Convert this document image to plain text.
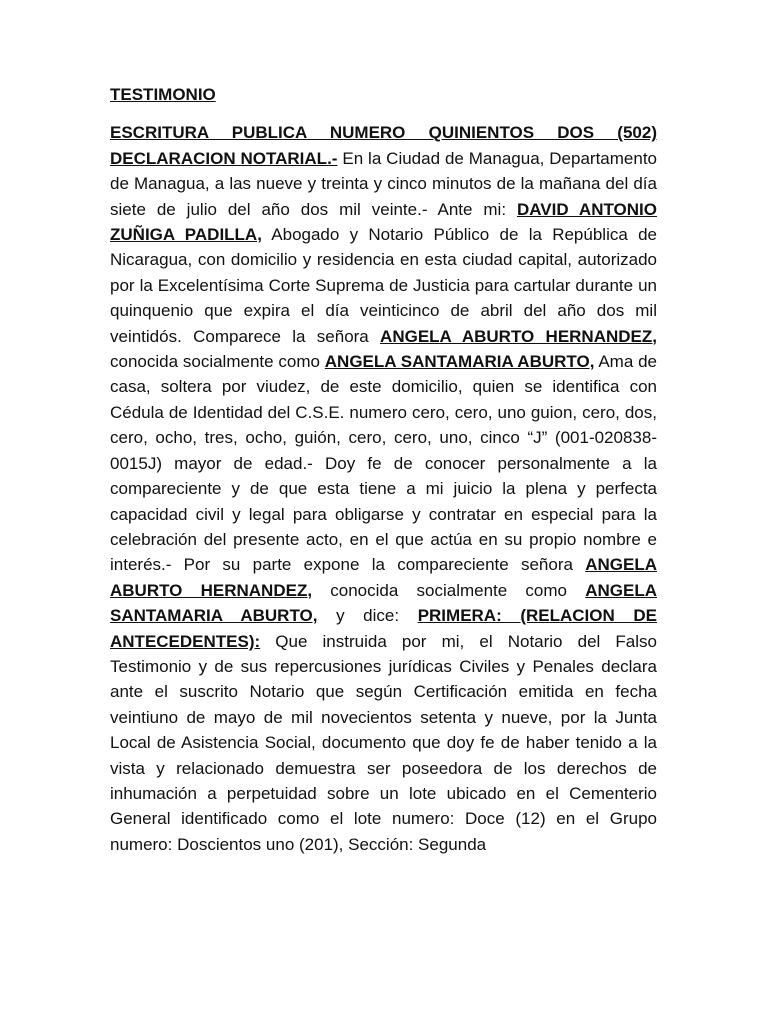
TESTIMONIO

ESCRITURA PUBLICA NUMERO QUINIENTOS DOS (502) DECLARACION NOTARIAL.- En la Ciudad de Managua, Departamento de Managua, a las nueve y treinta y cinco minutos de la mañana del día siete de julio del año dos mil veinte.- Ante mi: DAVID ANTONIO ZUÑIGA PADILLA, Abogado y Notario Público de la República de Nicaragua, con domicilio y residencia en esta ciudad capital, autorizado por la Excelentísima Corte Suprema de Justicia para cartular durante un quinquenio que expira el día veinticinco de abril del año dos mil veintidós. Comparece la señora ANGELA ABURTO HERNANDEZ, conocida socialmente como ANGELA SANTAMARIA ABURTO, Ama de casa, soltera por viudez, de este domicilio, quien se identifica con Cédula de Identidad del C.S.E. numero cero, cero, uno guion, cero, dos, cero, ocho, tres, ocho, guión, cero, cero, uno, cinco “J” (001-020838-0015J) mayor de edad.- Doy fe de conocer personalmente a la compareciente y de que esta tiene a mi juicio la plena y perfecta capacidad civil y legal para obligarse y contratar en especial para la celebración del presente acto, en el que actúa en su propio nombre e interés.- Por su parte expone la compareciente señora ANGELA ABURTO HERNANDEZ, conocida socialmente como ANGELA SANTAMARIA ABURTO, y dice: PRIMERA: (RELACION DE ANTECEDENTES): Que instruida por mi, el Notario del Falso Testimonio y de sus repercusiones jurídicas Civiles y Penales declara ante el suscrito Notario que según Certificación emitida en fecha veintiuno de mayo de mil novecientos setenta y nueve, por la Junta Local de Asistencia Social, documento que doy fe de haber tenido a la vista y relacionado demuestra ser poseedora de los derechos de inhumación a perpetuidad sobre un lote ubicado en el Cementerio General identificado como el lote numero: Doce (12) en el Grupo numero: Doscientos uno (201), Sección: Segunda
